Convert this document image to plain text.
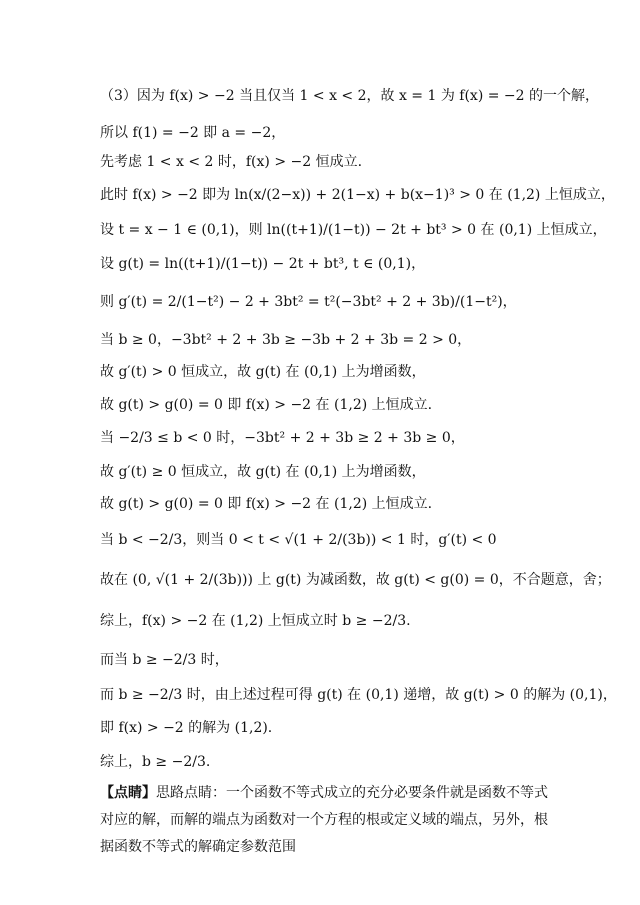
（3）因为 f(x) > −2 当且仅当 1 < x < 2，故 x = 1 为 f(x) = −2 的一个解，
所以 f(1) = −2 即 a = −2，
先考虑 1 < x < 2 时，f(x) > −2 恒成立.
此时 f(x) > −2 即为 ln(x/(2−x)) + 2(1−x) + b(x−1)³ > 0 在 (1,2) 上恒成立，
设 t = x − 1 ∈ (0,1)，则 ln((t+1)/(1−t)) − 2t + bt³ > 0 在 (0,1) 上恒成立，
设 g(t) = ln((t+1)/(1−t)) − 2t + bt³, t ∈ (0,1)，
则 g′(t) = 2/(1−t²) − 2 + 3bt² = t²(−3bt² + 2 + 3b)/(1−t²)，
当 b ≥ 0，−3bt² + 2 + 3b ≥ −3b + 2 + 3b = 2 > 0，
故 g′(t) > 0 恒成立，故 g(t) 在 (0,1) 上为增函数，
故 g(t) > g(0) = 0 即 f(x) > −2 在 (1,2) 上恒成立.
当 −2/3 ≤ b < 0 时，−3bt² + 2 + 3b ≥ 2 + 3b ≥ 0，
故 g′(t) ≥ 0 恒成立，故 g(t) 在 (0,1) 上为增函数，
故 g(t) > g(0) = 0 即 f(x) > −2 在 (1,2) 上恒成立.
当 b < −2/3，则当 0 < t < √(1 + 2/(3b)) < 1 时，g′(t) < 0
故在 (0, √(1 + 2/(3b))) 上 g(t) 为减函数，故 g(t) < g(0) = 0，不合题意，舍；
综上，f(x) > −2 在 (1,2) 上恒成立时 b ≥ −2/3.
而当 b ≥ −2/3 时，
而 b ≥ −2/3 时，由上述过程可得 g(t) 在 (0,1) 递增，故 g(t) > 0 的解为 (0,1)，
即 f(x) > −2 的解为 (1,2).
综上，b ≥ −2/3.
【点睛】思路点睛：一个函数不等式成立的充分必要条件就是函数不等式对应的解，而解的端点为函数对一个方程的根或定义域的端点，另外，根据函数不等式的解确定参数范围
